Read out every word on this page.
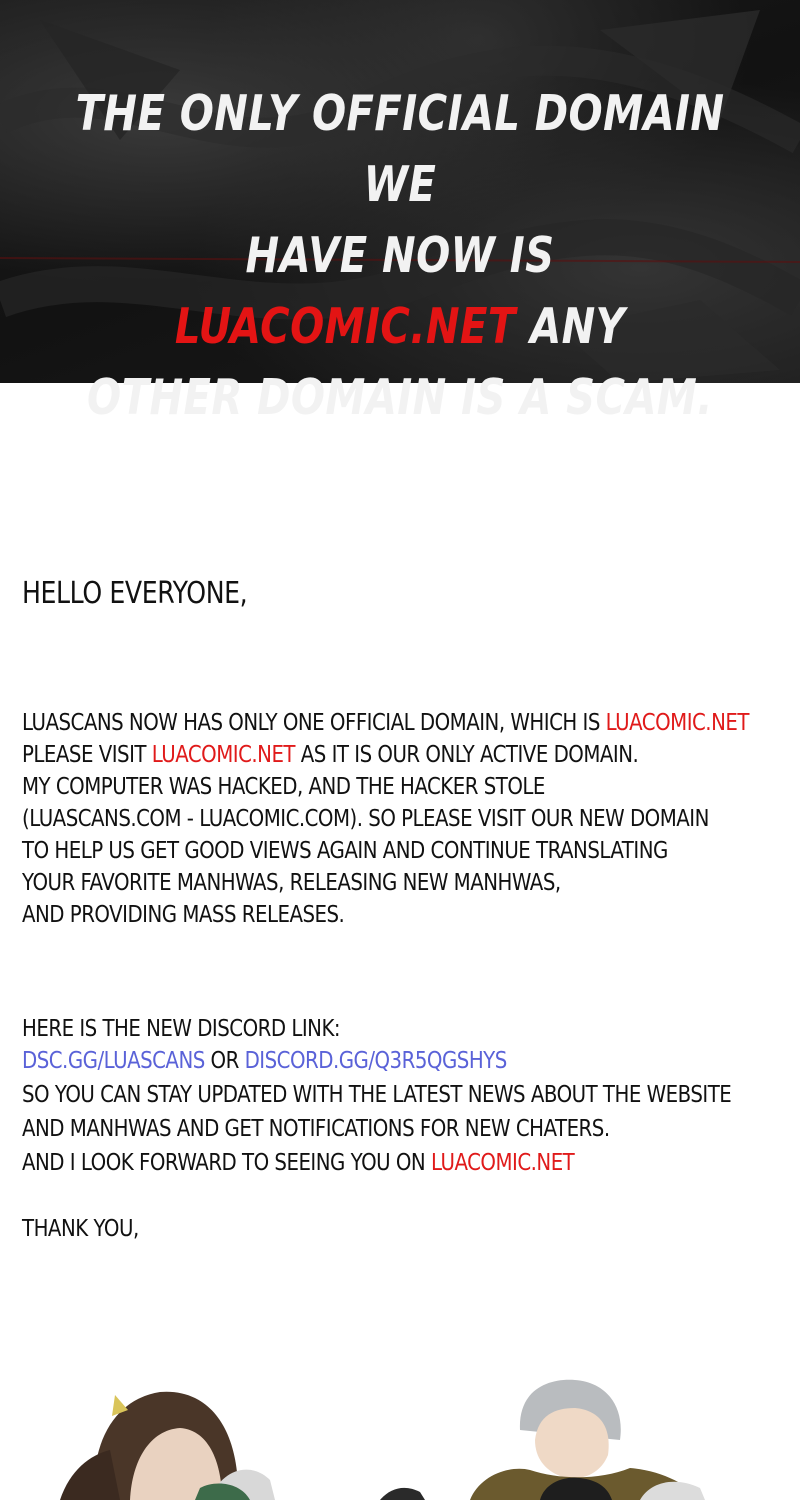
THE ONLY OFFICIAL DOMAIN WE
HAVE NOW IS LUACOMIC.NET ANY
OTHER DOMAIN IS A SCAM.
HELLO EVERYONE,
LUASCANS NOW HAS ONLY ONE OFFICIAL DOMAIN, WHICH IS LUACOMIC.NET
PLEASE VISIT LUACOMIC.NET AS IT IS OUR ONLY ACTIVE DOMAIN.
MY COMPUTER WAS HACKED, AND THE HACKER STOLE
(LUASCANS.COM - LUACOMIC.COM). SO PLEASE VISIT OUR NEW DOMAIN
TO HELP US GET GOOD VIEWS AGAIN AND CONTINUE TRANSLATING
YOUR FAVORITE MANHWAS, RELEASING NEW MANHWAS,
AND PROVIDING MASS RELEASES.
HERE IS THE NEW DISCORD LINK:
DSC.GG/LUASCANS OR DISCORD.GG/Q3R5QGSHYS
SO YOU CAN STAY UPDATED WITH THE LATEST NEWS ABOUT THE WEBSITE
AND MANHWAS AND GET NOTIFICATIONS FOR NEW CHATERS.
AND I LOOK FORWARD TO SEEING YOU ON LUACOMIC.NET
THANK YOU,
